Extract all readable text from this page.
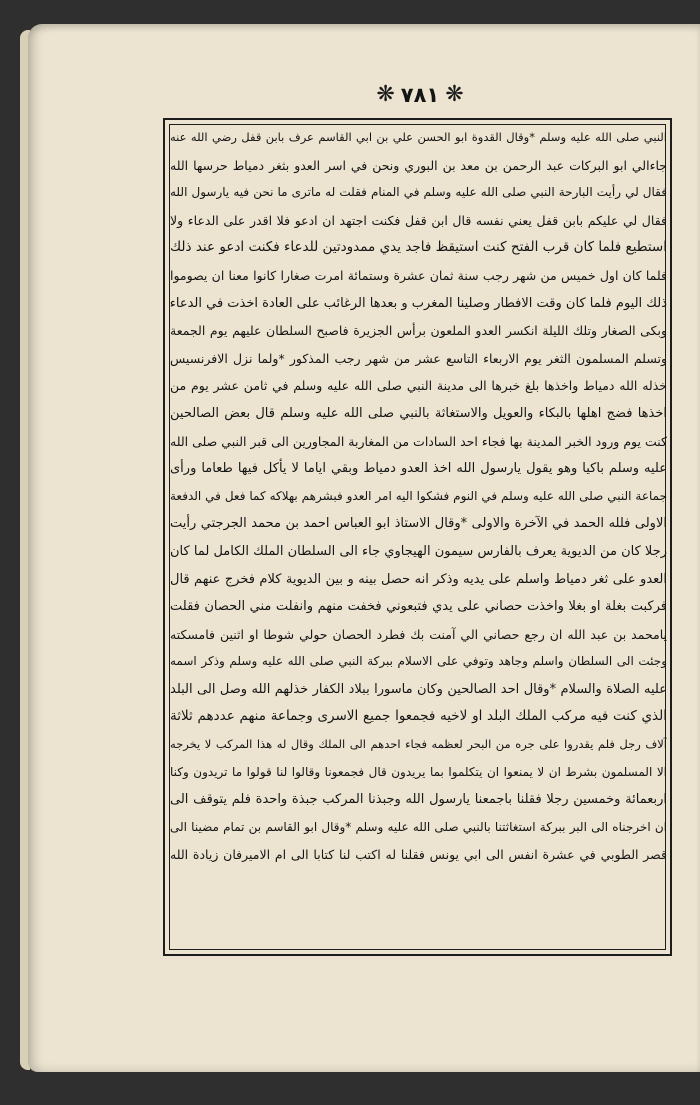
❋
٧٨١
❋
النبي صلى الله عليه وسلم *وقال القدوة ابو الحسن علي بن ابي القاسم عرف بابن قفل رضي الله عنه
جاءالي ابو البركات عبد الرحمن بن معد بن البوري ونحن في اسر العدو بثغر دمياط حرسها الله
فقال لي رأيت البارحة النبي صلى الله عليه وسلم في المنام فقلت له ماترى ما نحن فيه يارسول الله
فقال لي عليكم بابن قفل يعني نفسه قال ابن قفل فكنت اجتهد ان ادعو فلا اقدر على الدعاء ولا
استطيع فلما كان قرب الفتح كنت استيقظ فاجد يدي ممدودتين للدعاء فكنت ادعو عند ذلك
فلما كان اول خميس من شهر رجب سنة ثمان عشرة وستمائة امرت صغارا كانوا معنا ان يصوموا
ذلك اليوم فلما كان وقت الافطار وصلينا المغرب و بعدها الرغائب على العادة اخذت في الدعاء
وبكى الصغار وتلك الليلة انكسر العدو الملعون برأس الجزيرة فاصبح السلطان عليهم يوم الجمعة
وتسلم المسلمون الثغر يوم الاربعاء التاسع عشر من شهر رجب المذكور *ولما نزل الافرنسيس
خذله الله دمياط واخذها بلغ خبرها الى مدينة النبي صلى الله عليه وسلم في ثامن عشر يوم من
اخذها فضج اهلها بالبكاء والعويل والاستغاثة بالنبي صلى الله عليه وسلم قال بعض الصالحين
كنت يوم ورود الخبر المدينة بها فجاء احد السادات من المغاربة المجاورين الى قبر النبي صلى الله
عليه وسلم باكيا وهو يقول يارسول الله اخذ العدو دمياط وبقي اياما لا يأكل فيها طعاما ورأى
جماعة النبي صلى الله عليه وسلم في النوم فشكوا اليه امر العدو فبشرهم بهلاكه كما فعل في الدفعة
الاولى فلله الحمد في الآخرة والاولى *وقال الاستاذ ابو العباس احمد بن محمد الجرجتي رأيت
رجلا كان من الديوية يعرف بالفارس سيمون الهيجاوي جاء الى السلطان الملك الكامل لما كان
العدو على ثغر دمياط واسلم على يديه وذكر انه حصل بينه و بين الديوية كلام فخرج عنهم قال
فركبت بغلة او بغلا واخذت حصاني على يدي فتبعوني فخفت منهم وانفلت مني الحصان فقلت
يامحمد بن عبد الله ان رجع حصاني الي آمنت بك فطرد الحصان حولي شوطا او اثنين فامسكته
وجئت الى السلطان واسلم وجاهد وتوفي على الاسلام ببركة النبي صلى الله عليه وسلم وذكر اسمه
عليه الصلاة والسلام *وقال احد الصالحين وكان ماسورا ببلاد الكفار خذلهم الله وصل الى البلد
الذي كنت فيه مركب الملك البلد او لاخيه فجمعوا جميع الاسرى وجماعة منهم عددهم ثلاثة
آلاف رجل فلم يقدروا على جره من البحر لعظمه فجاء احدهم الى الملك وقال له هذا المركب لا يخرجه
الا المسلمون بشرط ان لا يمنعوا ان يتكلموا بما يريدون قال فجمعونا وقالوا لنا قولوا ما تريدون وكنا
اربعمائة وخمسين رجلا فقلنا باجمعنا يارسول الله وجبذنا المركب جبذة واحدة فلم يتوقف الى
ان اخرجناه الى البر ببركة استغاثتنا بالنبي صلى الله عليه وسلم *وقال ابو القاسم بن تمام مضينا الى
قصر الطوبي في عشرة انفس الى ابي يونس فقلنا له اكتب لنا كتابا الى ام الاميرفان زيادة الله
